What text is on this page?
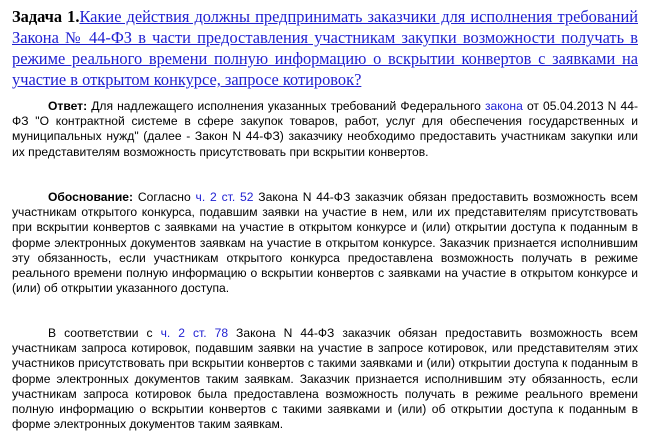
Задача 1.Какие действия должны предпринимать заказчики для исполнения требований Закона № 44-ФЗ в части предоставления участникам закупки возможности получать в режиме реального времени полную информацию о вскрытии конвертов с заявками на участие в открытом конкурсе, запросе котировок?
Ответ: Для надлежащего исполнения указанных требований Федерального закона от 05.04.2013 N 44-ФЗ "О контрактной системе в сфере закупок товаров, работ, услуг для обеспечения государственных и муниципальных нужд" (далее - Закон N 44-ФЗ) заказчику необходимо предоставить участникам закупки или их представителям возможность присутствовать при вскрытии конвертов.
Обоснование: Согласно ч. 2 ст. 52 Закона N 44-ФЗ заказчик обязан предоставить возможность всем участникам открытого конкурса, подавшим заявки на участие в нем, или их представителям присутствовать при вскрытии конвертов с заявками на участие в открытом конкурсе и (или) открытии доступа к поданным в форме электронных документов заявкам на участие в открытом конкурсе. Заказчик признается исполнившим эту обязанность, если участникам открытого конкурса предоставлена возможность получать в режиме реального времени полную информацию о вскрытии конвертов с заявками на участие в открытом конкурсе и (или) об открытии указанного доступа.
В соответствии с ч. 2 ст. 78 Закона N 44-ФЗ заказчик обязан предоставить возможность всем участникам запроса котировок, подавшим заявки на участие в запросе котировок, или представителям этих участников присутствовать при вскрытии конвертов с такими заявками и (или) открытии доступа к поданным в форме электронных документов таким заявкам. Заказчик признается исполнившим эту обязанность, если участникам запроса котировок была предоставлена возможность получать в режиме реального времени полную информацию о вскрытии конвертов с такими заявками и (или) об открытии доступа к поданным в форме электронных документов таким заявкам.
